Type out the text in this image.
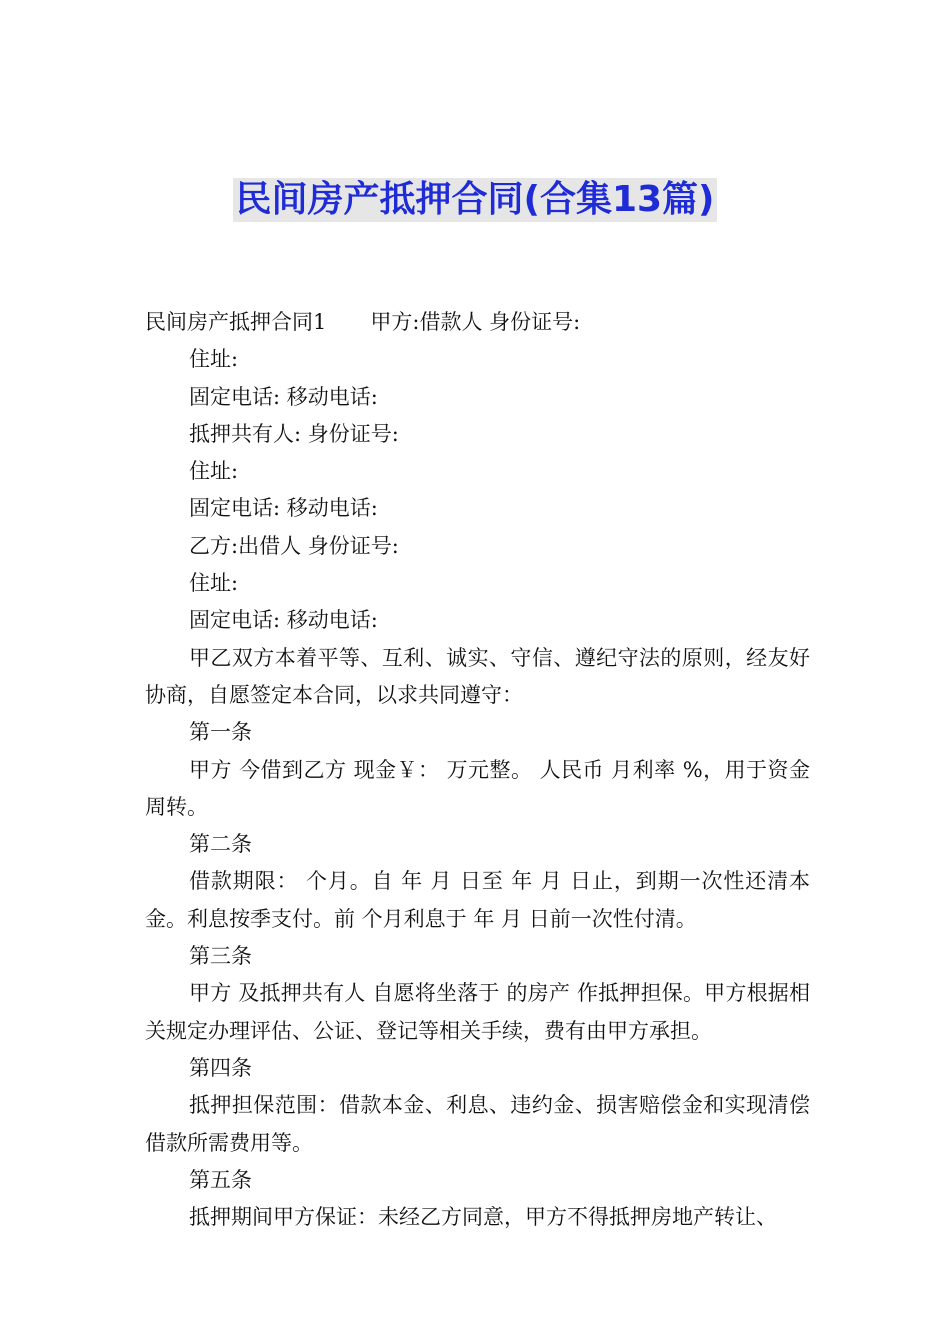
民间房产抵押合同(合集13篇)

民间房产抵押合同1 甲方:借款人 身份证号:

住址:

固定电话: 移动电话:

抵押共有人: 身份证号:

住址:

固定电话: 移动电话:

乙方:出借人 身份证号:

住址:

固定电话: 移动电话:

甲乙双方本着平等、互利、诚实、守信、遵纪守法的原则，经友好协商，自愿签定本合同，以求共同遵守：

第一条

甲方 今借到乙方 现金￥： 万元整。 人民币 月利率 %，用于资金周转。

第二条

借款期限： 个月。自 年 月 日至 年 月 日止，到期一次性还清本金。利息按季支付。前 个月利息于 年 月 日前一次性付清。

第三条

甲方 及抵押共有人 自愿将坐落于 的房产 作抵押担保。甲方根据相关规定办理评估、公证、登记等相关手续，费有由甲方承担。

第四条

抵押担保范围：借款本金、利息、违约金、损害赔偿金和实现清偿借款所需费用等。

第五条

抵押期间甲方保证：未经乙方同意，甲方不得抵押房地产转让、
